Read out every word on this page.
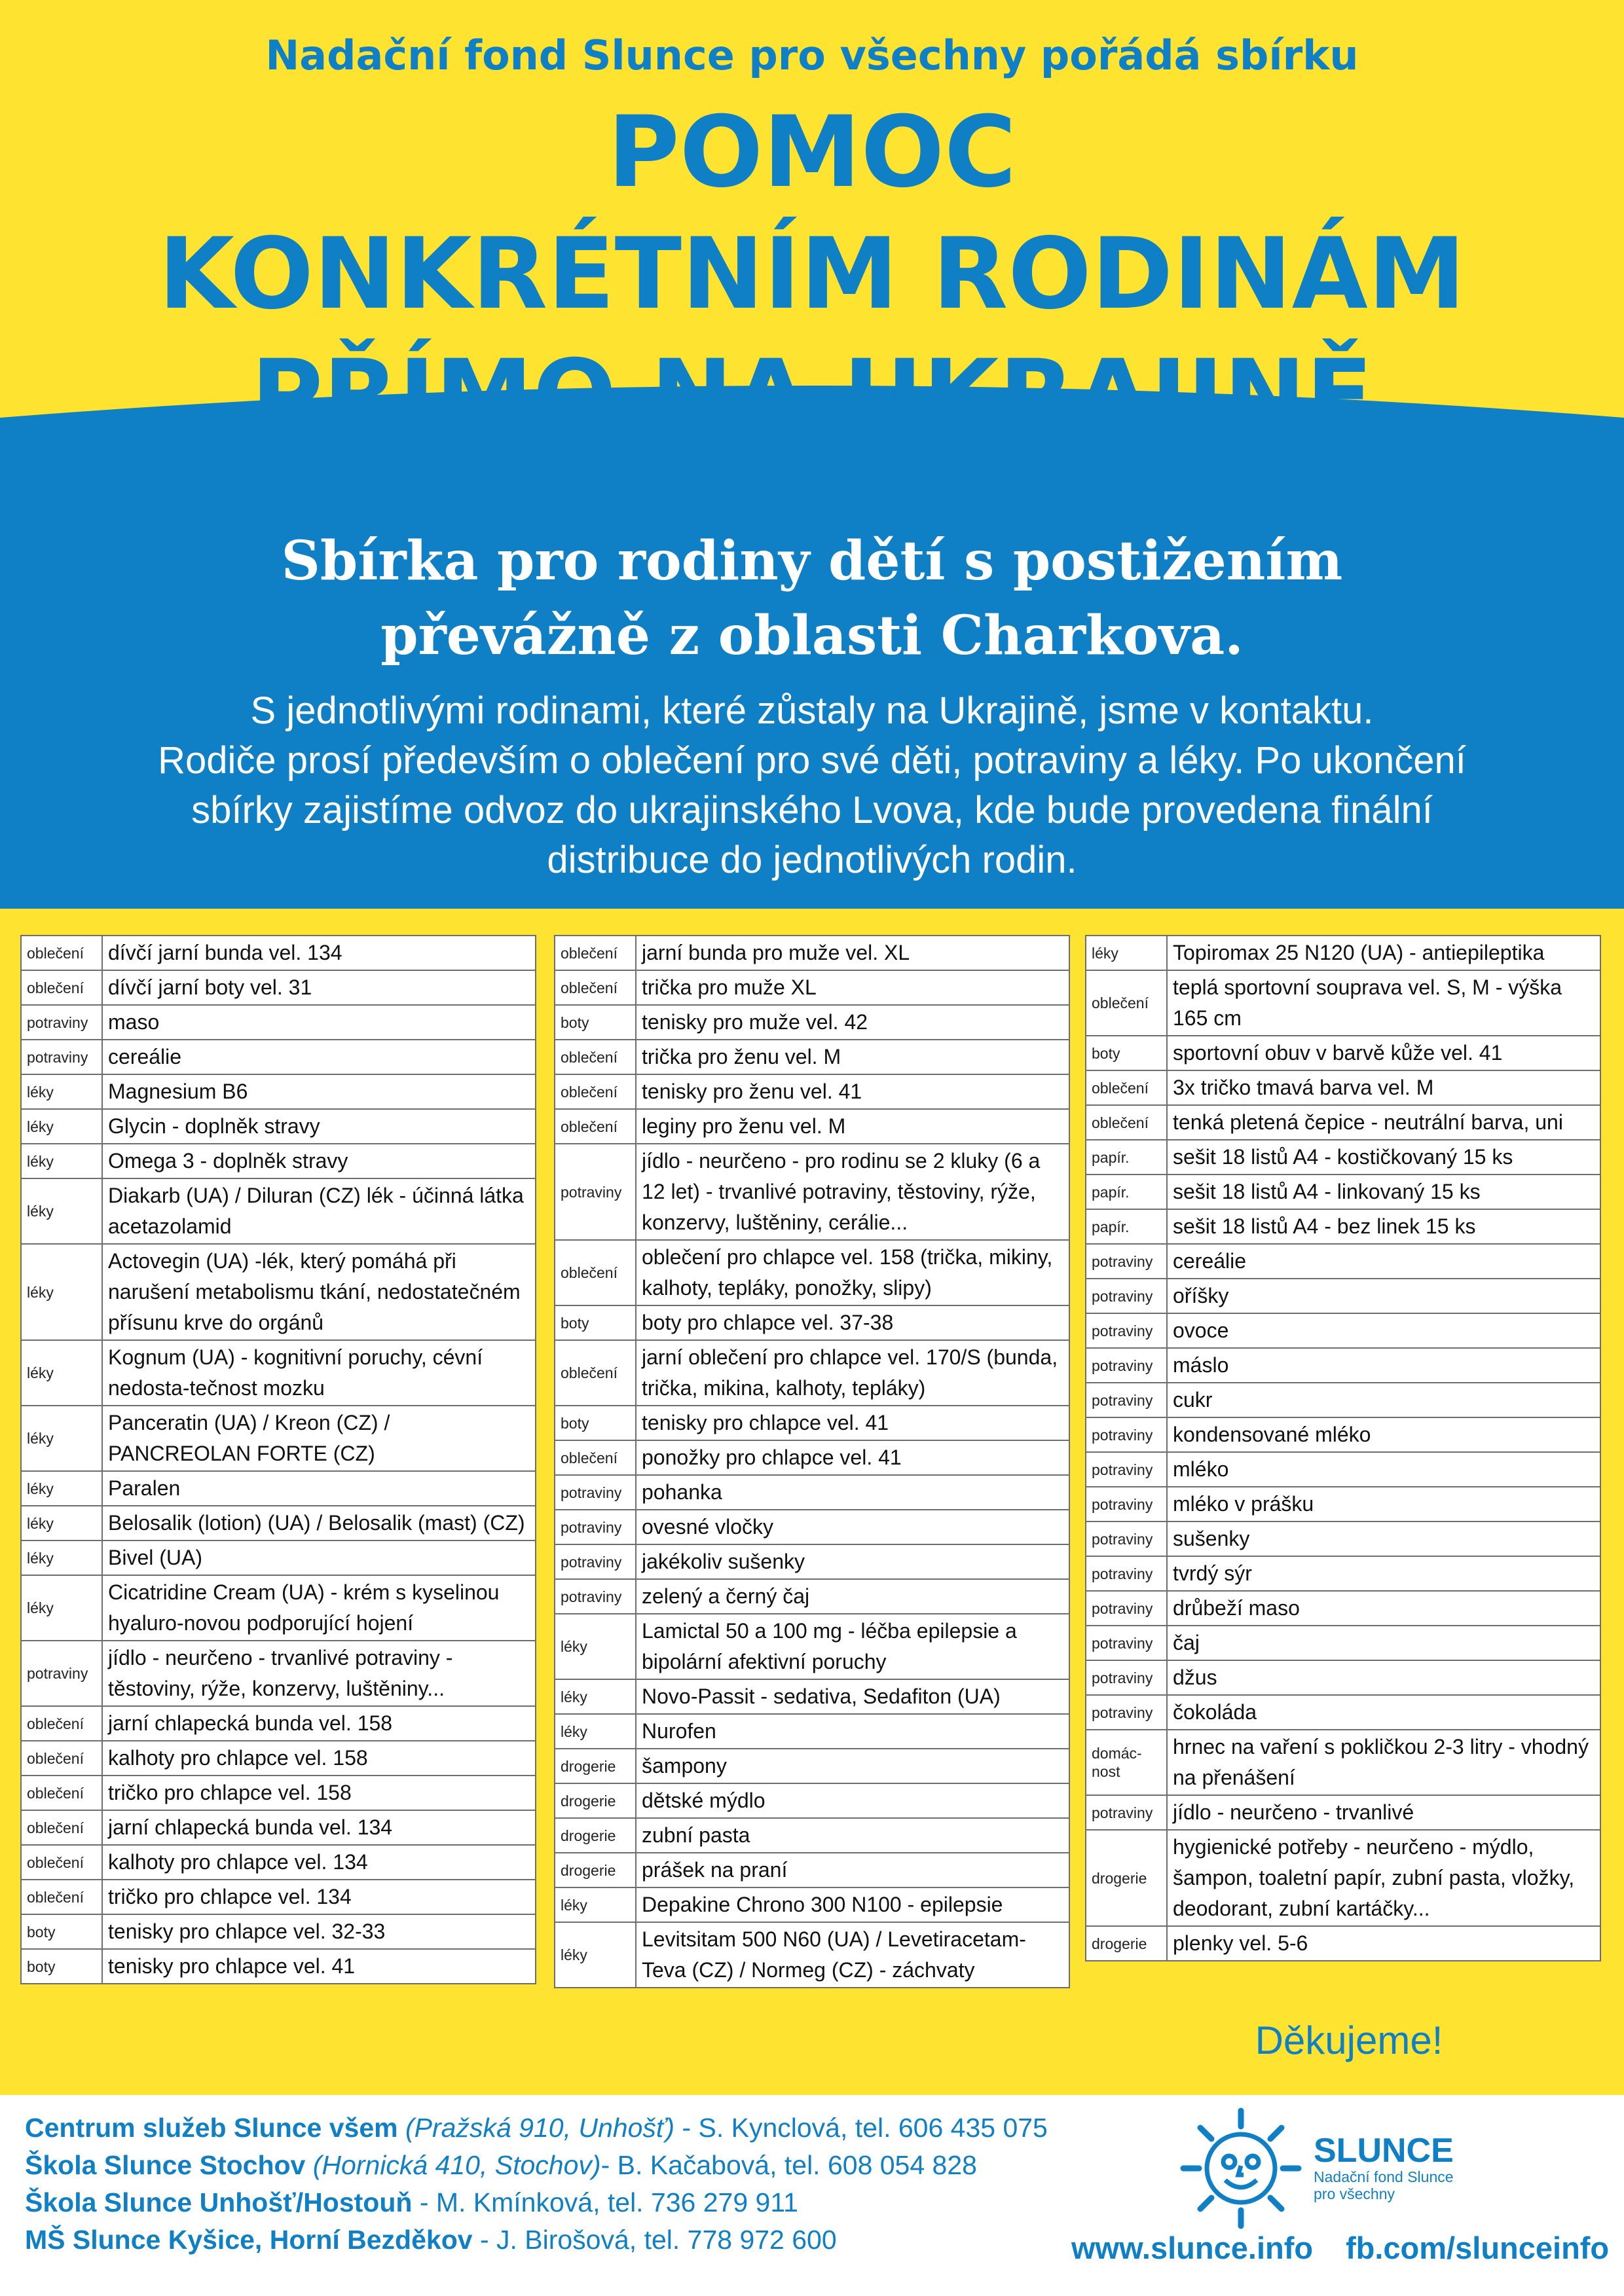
Nadační fond Slunce pro všechny pořádá sbírku
POMOC
KONKRÉTNÍM RODINÁM
PŘÍMO NA UKRAJINĚ
Sbírka pro rodiny dětí s postižením
převážně z oblasti Charkova.
S jednotlivými rodinami, které zůstaly na Ukrajině, jsme v kontaktu.
Rodiče prosí především o oblečení pro své děti, potraviny a léky. Po ukončení
sbírky zajistíme odvoz do ukrajinského Lvova, kde bude provedena finální
distribuce do jednotlivých rodin.
oblečení	dívčí jarní bunda vel. 134
oblečení	dívčí jarní boty vel. 31
potraviny	maso
potraviny	cereálie
léky	Magnesium B6
léky	Glycin - doplněk stravy
léky	Omega 3 - doplněk stravy
léky	Diakarb (UA) / Diluran (CZ) lék - účinná látka acetazolamid
léky	Actovegin (UA) -lék, který pomáhá při narušení metabolismu tkání, nedostatečném přísunu krve do orgánů
léky	Kognum (UA) - kognitivní poruchy, cévní nedosta-tečnost mozku
léky	Panceratin (UA) / Kreon (CZ) / PANCREOLAN FORTE (CZ)
léky	Paralen
léky	Belosalik (lotion) (UA) / Belosalik (mast) (CZ)
léky	Bivel (UA)
léky	Cicatridine Cream (UA) - krém s kyselinou hyaluro-novou podporující hojení
potraviny	jídlo - neurčeno - trvanlivé potraviny - těstoviny, rýže, konzervy, luštěniny...
oblečení	jarní chlapecká bunda vel. 158
oblečení	kalhoty pro chlapce vel. 158
oblečení	tričko pro chlapce vel. 158
oblečení	jarní chlapecká bunda vel. 134
oblečení	kalhoty pro chlapce vel. 134
oblečení	tričko pro chlapce vel. 134
boty	tenisky pro chlapce vel. 32-33
boty	tenisky pro chlapce vel. 41
oblečení	jarní bunda pro muže vel. XL
oblečení	trička pro muže XL
boty	tenisky pro muže vel. 42
oblečení	trička pro ženu vel. M
oblečení	tenisky pro ženu vel. 41
oblečení	leginy pro ženu vel. M
potraviny	jídlo - neurčeno - pro rodinu se 2 kluky (6 a 12 let) - trvanlivé potraviny, těstoviny, rýže, konzervy, luštěniny, cerálie...
oblečení	oblečení pro chlapce vel. 158 (trička, mikiny, kalhoty, tepláky, ponožky, slipy)
boty	boty pro chlapce vel. 37-38
oblečení	jarní oblečení pro chlapce vel. 170/S (bunda, trička, mikina, kalhoty, tepláky)
boty	tenisky pro chlapce vel. 41
oblečení	ponožky pro chlapce vel. 41
potraviny	pohanka
potraviny	ovesné vločky
potraviny	jakékoliv sušenky
potraviny	zelený a černý čaj
léky	Lamictal 50 a 100 mg - léčba epilepsie a bipolární afektivní poruchy
léky	Novo-Passit - sedativa, Sedafiton (UA)
léky	Nurofen
drogerie	šampony
drogerie	dětské mýdlo
drogerie	zubní pasta
drogerie	prášek na praní
léky	Depakine Chrono 300 N100 - epilepsie
léky	Levitsitam 500 N60 (UA) / Levetiracetam-Teva (CZ) / Normeg (CZ) - záchvaty
léky	Topiromax 25 N120 (UA) - antiepileptika
oblečení	teplá sportovní souprava vel. S, M - výška 165 cm
boty	sportovní obuv v barvě kůže vel. 41
oblečení	3x tričko tmavá barva vel. M
oblečení	tenká pletená čepice - neutrální barva, uni
papír.	sešit 18 listů A4 - kostičkovaný 15 ks
papír.	sešit 18 listů A4 - linkovaný 15 ks
papír.	sešit 18 listů A4 - bez linek 15 ks
potraviny	cereálie
potraviny	oříšky
potraviny	ovoce
potraviny	máslo
potraviny	cukr
potraviny	kondensované mléko
potraviny	mléko
potraviny	mléko v prášku
potraviny	sušenky
potraviny	tvrdý sýr
potraviny	drůbeží maso
potraviny	čaj
potraviny	džus
potraviny	čokoláda
domác-nost	hrnec na vaření s pokličkou 2-3 litry - vhodný na přenášení
potraviny	jídlo - neurčeno - trvanlivé
drogerie	hygienické potřeby - neurčeno - mýdlo, šampon, toaletní papír, zubní pasta, vložky, deodorant, zubní kartáčky...
drogerie	plenky vel. 5-6
Děkujeme!
Centrum služeb Slunce všem (Pražská 910, Unhošť) - S. Kynclová, tel. 606 435 075
Škola Slunce Stochov (Hornická 410, Stochov)- B. Kačabová, tel. 608 054 828
Škola Slunce Unhošť/Hostouň - M. Kmínková, tel. 736 279 911
MŠ Slunce Kyšice, Horní Bezděkov - J. Birošová, tel. 778 972 600
SLUNCE
Nadační fond Slunce
pro všechny
www.slunce.info fb.com/slunceinfo
